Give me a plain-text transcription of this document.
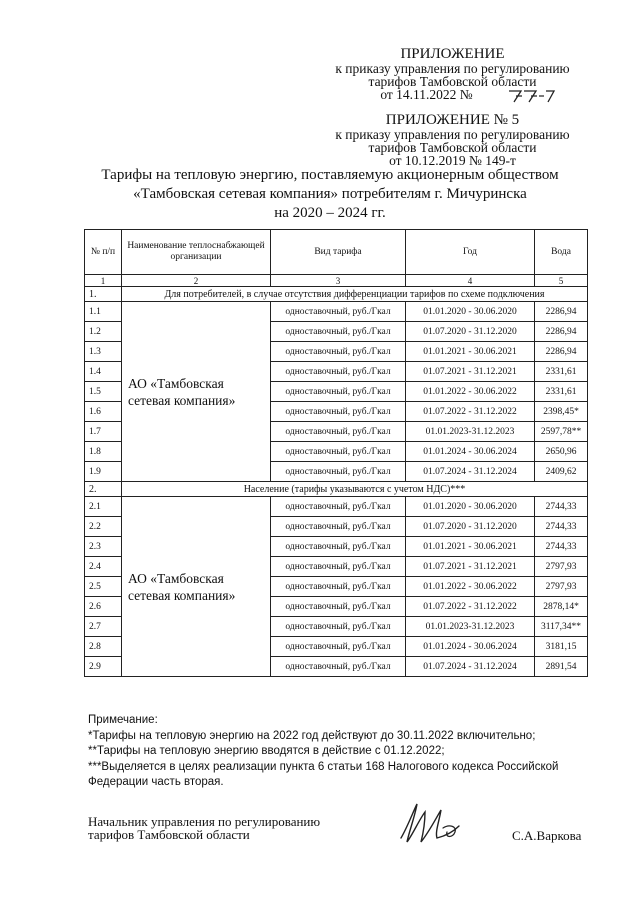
ПРИЛОЖЕНИЕ
к приказу управления по регулированию
тарифов Тамбовской области
от 14.11.2022 №
ПРИЛОЖЕНИЕ № 5
к приказу управления по регулированию
тарифов Тамбовской области
от 10.12.2019 № 149-т
Тарифы на тепловую энергию, поставляемую акционерным обществом
«Тамбовская сетевая компания» потребителям г. Мичуринска
на 2020 – 2024 гг.
№ п/п	Наименование теплоснабжающей организации	Вид тарифа	Год	Вода
1	2	3	4	5
1.	Для потребителей, в случае отсутствия дифференциации тарифов по схеме подключения			
1.1	АО «Тамбовская сетевая компания»	одноставочный, руб./Гкал	01.01.2020 - 30.06.2020	2286,94
1.2		одноставочный, руб./Гкал	01.07.2020 - 31.12.2020	2286,94
1.3		одноставочный, руб./Гкал	01.01.2021 - 30.06.2021	2286,94
1.4		одноставочный, руб./Гкал	01.07.2021 - 31.12.2021	2331,61
1.5		одноставочный, руб./Гкал	01.01.2022 - 30.06.2022	2331,61
1.6		одноставочный, руб./Гкал	01.07.2022 - 31.12.2022	2398,45*
1.7		одноставочный, руб./Гкал	01.01.2023-31.12.2023	2597,78**
1.8		одноставочный, руб./Гкал	01.01.2024 - 30.06.2024	2650,96
1.9		одноставочный, руб./Гкал	01.07.2024 - 31.12.2024	2409,62
2.	Население (тарифы указываются с учетом НДС)***			
2.1	АО «Тамбовская сетевая компания»	одноставочный, руб./Гкал	01.01.2020 - 30.06.2020	2744,33
2.2		одноставочный, руб./Гкал	01.07.2020 - 31.12.2020	2744,33
2.3		одноставочный, руб./Гкал	01.01.2021 - 30.06.2021	2744,33
2.4		одноставочный, руб./Гкал	01.07.2021 - 31.12.2021	2797,93
2.5		одноставочный, руб./Гкал	01.01.2022 - 30.06.2022	2797,93
2.6		одноставочный, руб./Гкал	01.07.2022 - 31.12.2022	2878,14*
2.7		одноставочный, руб./Гкал	01.01.2023-31.12.2023	3117,34**
2.8		одноставочный, руб./Гкал	01.01.2024 - 30.06.2024	3181,15
2.9		одноставочный, руб./Гкал	01.07.2024 - 31.12.2024	2891,54
Примечание:
*Тарифы на тепловую энергию на 2022 год действуют до 30.11.2022 включительно;
**Тарифы на тепловую энергию вводятся в действие с 01.12.2022;
***Выделяется в целях реализации пункта 6 статьи 168 Налогового кодекса Российской
Федерации часть вторая.
Начальник управления по регулированию
тарифов Тамбовской области	С.А.Варкова
